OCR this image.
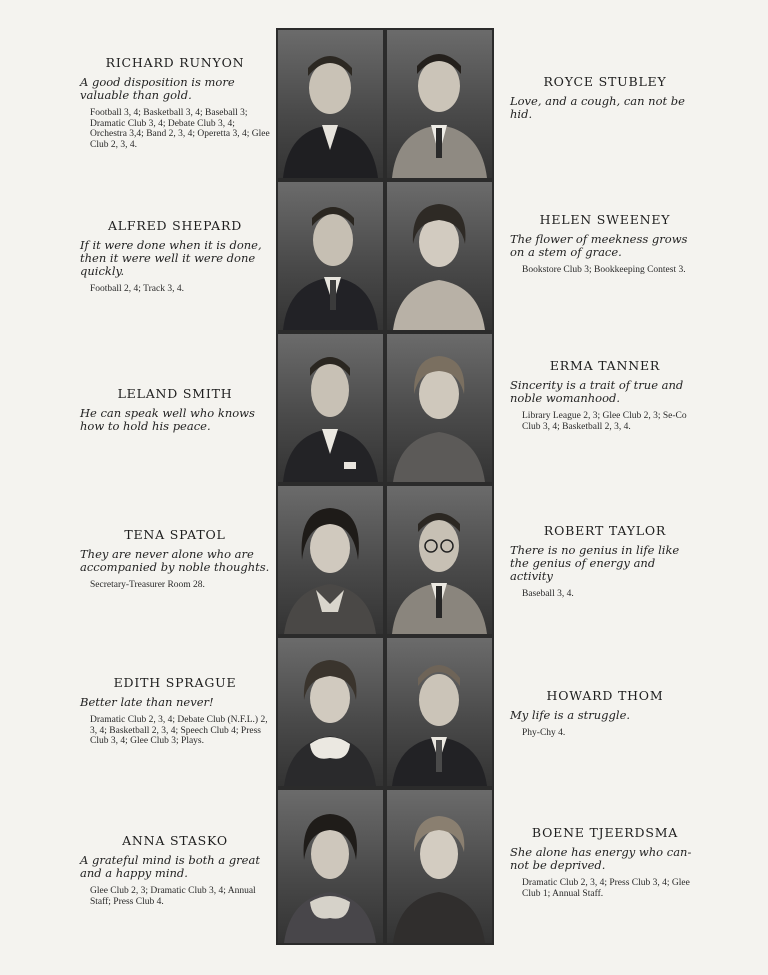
RICHARD RUNYON

A good disposition is more valuable than gold.

Football 3, 4; Basketball 3, 4; Baseball 3; Dramatic Club 3, 4; Debate Club 3, 4; Orchestra 3,4; Band 2, 3, 4; Operetta 3, 4; Glee Club 2, 3, 4.

ROYCE STUBLEY

Love, and a cough, can not be hid.

ALFRED SHEPARD

If it were done when it is done, then it were well it were done quickly.

Football 2, 4; Track 3, 4.

HELEN SWEENEY

The flower of meekness grows on a stem of grace.

Bookstore Club 3; Bookkeeping Contest 3.

LELAND SMITH

He can speak well who knows how to hold his peace.

ERMA TANNER

Sincerity is a trait of true and noble womanhood.

Library League 2, 3; Glee Club 2, 3; Se-Co Club 3, 4; Basketball 2, 3, 4.

TENA SPATOL

They are never alone who are accompanied by noble thoughts.

Secretary-Treasurer Room 28.

ROBERT TAYLOR

There is no genius in life like the genius of energy and activity

Baseball 3, 4.

EDITH SPRAGUE

Better late than never!

Dramatic Club 2, 3, 4; Debate Club (N.F.L.) 2, 3, 4; Basketball 2, 3, 4; Speech Club 4; Press Club 3, 4; Glee Club 3; Plays.

HOWARD THOM

My life is a struggle.

Phy-Chy 4.

ANNA STASKO

A grateful mind is both a great and a happy mind.

Glee Club 2, 3; Dramatic Club 3, 4; Annual Staff; Press Club 4.

BOENE TJEERDSMA

She alone has energy who can-not be deprived.

Dramatic Club 2, 3, 4; Press Club 3, 4; Glee Club 1; Annual Staff.
